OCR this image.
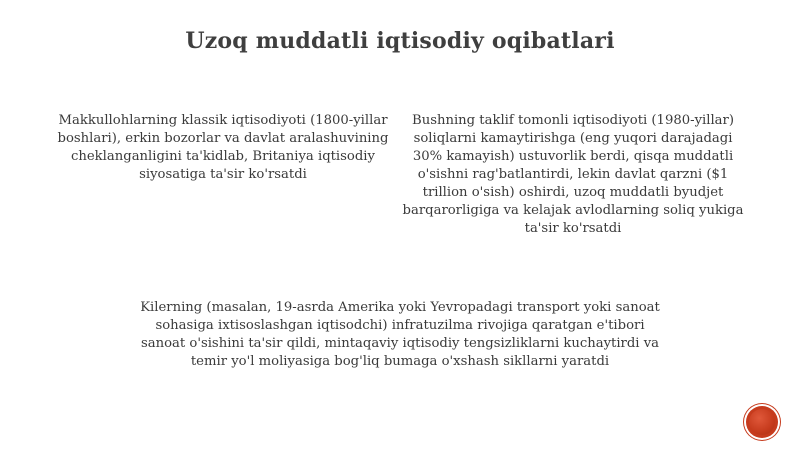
Uzoq muddatli iqtisodiy oqibatlari
Makkullohlarning klassik iqtisodiyoti (1800-yillar boshlari), erkin bozorlar va davlat aralashuvining cheklanganligini ta'kidlab, Britaniya iqtisodiy siyosatiga ta'sir ko'rsatdi
Bushning taklif tomonli iqtisodiyoti (1980-yillar) soliqlarni kamaytirishga (eng yuqori darajadagi 30% kamayish) ustuvorlik berdi, qisqa muddatli o'sishni rag'batlantirdi, lekin davlat qarzni ($1 trillion o'sish) oshirdi, uzoq muddatli byudjet barqarorligiga va kelajak avlodlarning soliq yukiga ta'sir ko'rsatdi
Kilerning (masalan, 19-asrda Amerika yoki Yevropadagi transport yoki sanoat sohasiga ixtisoslashgan iqtisodchi) infratuzilma rivojiga qaratgan e'tibori sanoat o'sishini ta'sir qildi, mintaqaviy iqtisodiy tengsizliklarni kuchaytirdi va temir yo'l moliyasiga bog'liq bumaga o'xshash sikllarni yaratdi
